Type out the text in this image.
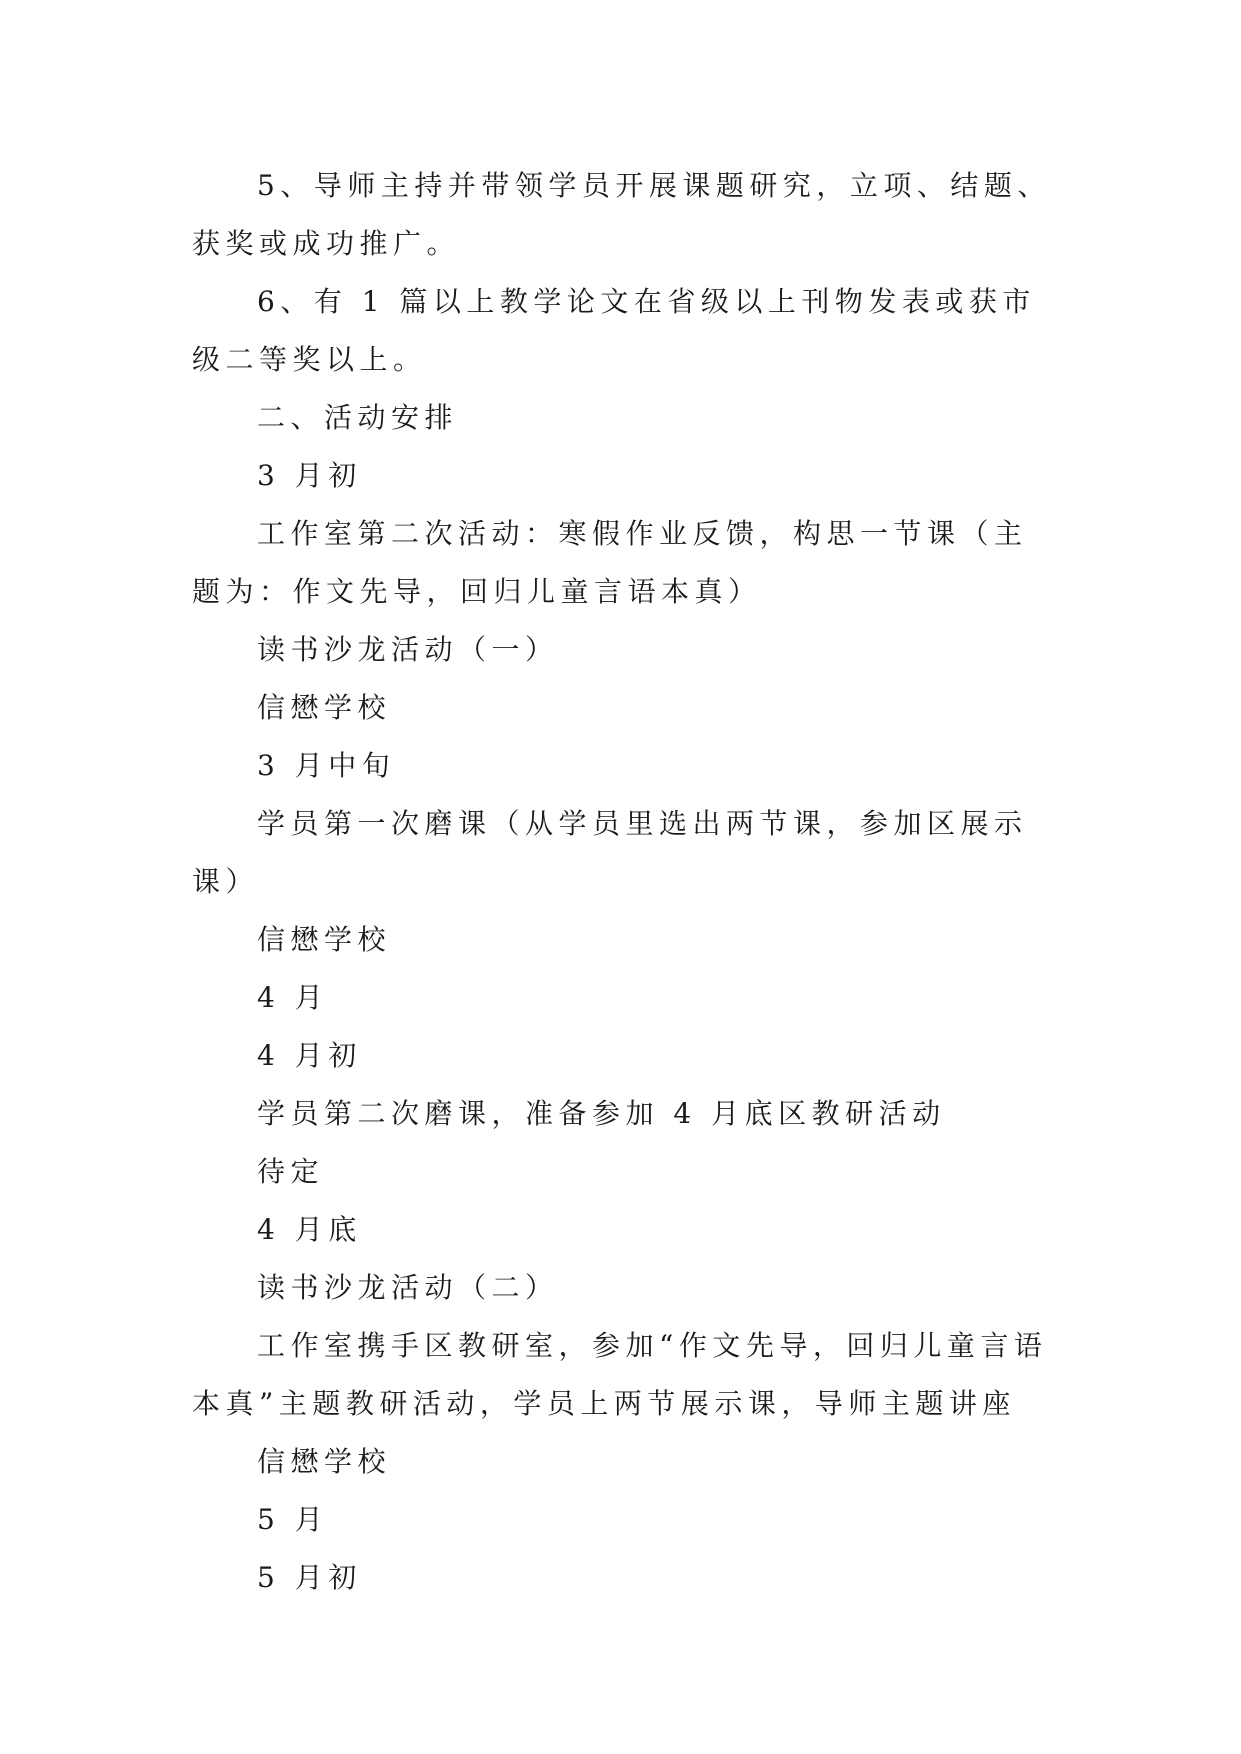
5、导师主持并带领学员开展课题研究，立项、结题、获奖或成功推广。

6、有 1 篇以上教学论文在省级以上刊物发表或获市级二等奖以上。

二、活动安排

3 月初

工作室第二次活动：寒假作业反馈，构思一节课（主题为：作文先导，回归儿童言语本真）

读书沙龙活动（一）

信懋学校

3 月中旬

学员第一次磨课（从学员里选出两节课，参加区展示课）

信懋学校

4 月

4 月初

学员第二次磨课，准备参加 4 月底区教研活动

待定

4 月底

读书沙龙活动（二）

工作室携手区教研室，参加“作文先导，回归儿童言语本真”主题教研活动，学员上两节展示课，导师主题讲座

信懋学校

5 月

5 月初
